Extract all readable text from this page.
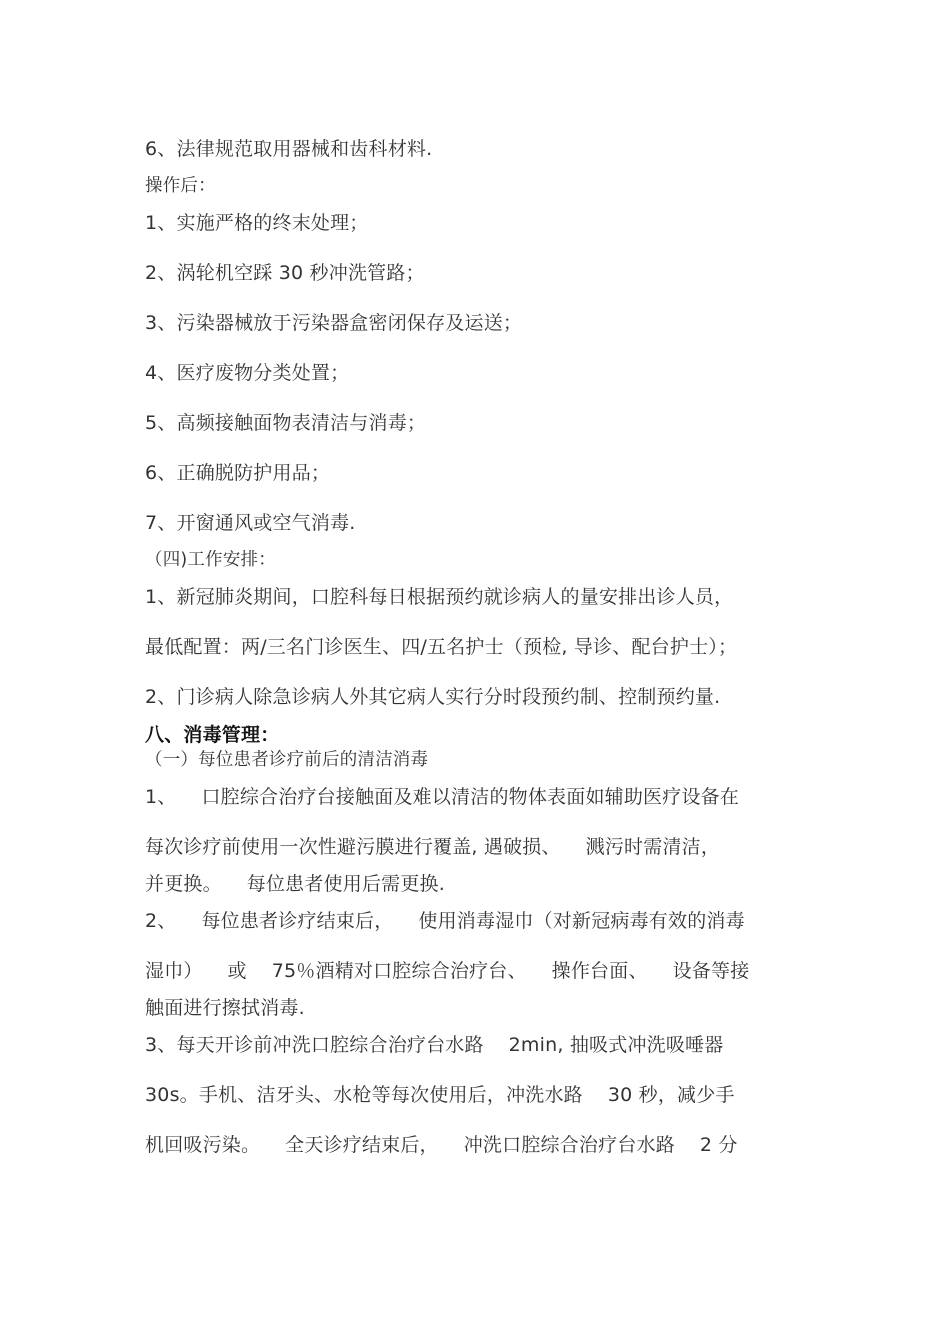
6、法律规范取用器械和齿科材料.
操作后：
1、实施严格的终末处理；
2、涡轮机空踩 30 秒冲洗管路；
3、污染器械放于污染器盒密闭保存及运送；
4、医疗废物分类处置；
5、高频接触面物表清洁与消毒；
6、正确脱防护用品；
7、开窗通风或空气消毒.
（四)工作安排：
1、新冠肺炎期间，口腔科每日根据预约就诊病人的量安排出诊人员，
最低配置：两/三名门诊医生、四/五名护士（预检, 导诊、配台护士）；
2、门诊病人除急诊病人外其它病人实行分时段预约制、控制预约量.
八、消毒管理：
（一）每位患者诊疗前后的清洁消毒
1、    口腔综合治疗台接触面及难以清洁的物体表面如辅助医疗设备在
每次诊疗前使用一次性避污膜进行覆盖, 遇破损、    溅污时需清洁，
并更换。    每位患者使用后需更换.
2、    每位患者诊疗结束后，    使用消毒湿巾（对新冠病毒有效的消毒
湿巾）    或    75％酒精对口腔综合治疗台、    操作台面、    设备等接
触面进行擦拭消毒.
3、每天开诊前冲洗口腔综合治疗台水路    2min, 抽吸式冲洗吸唾器
30s。手机、洁牙头、水枪等每次使用后，冲洗水路    30 秒，减少手
机回吸污染。    全天诊疗结束后，    冲洗口腔综合治疗台水路    2 分
